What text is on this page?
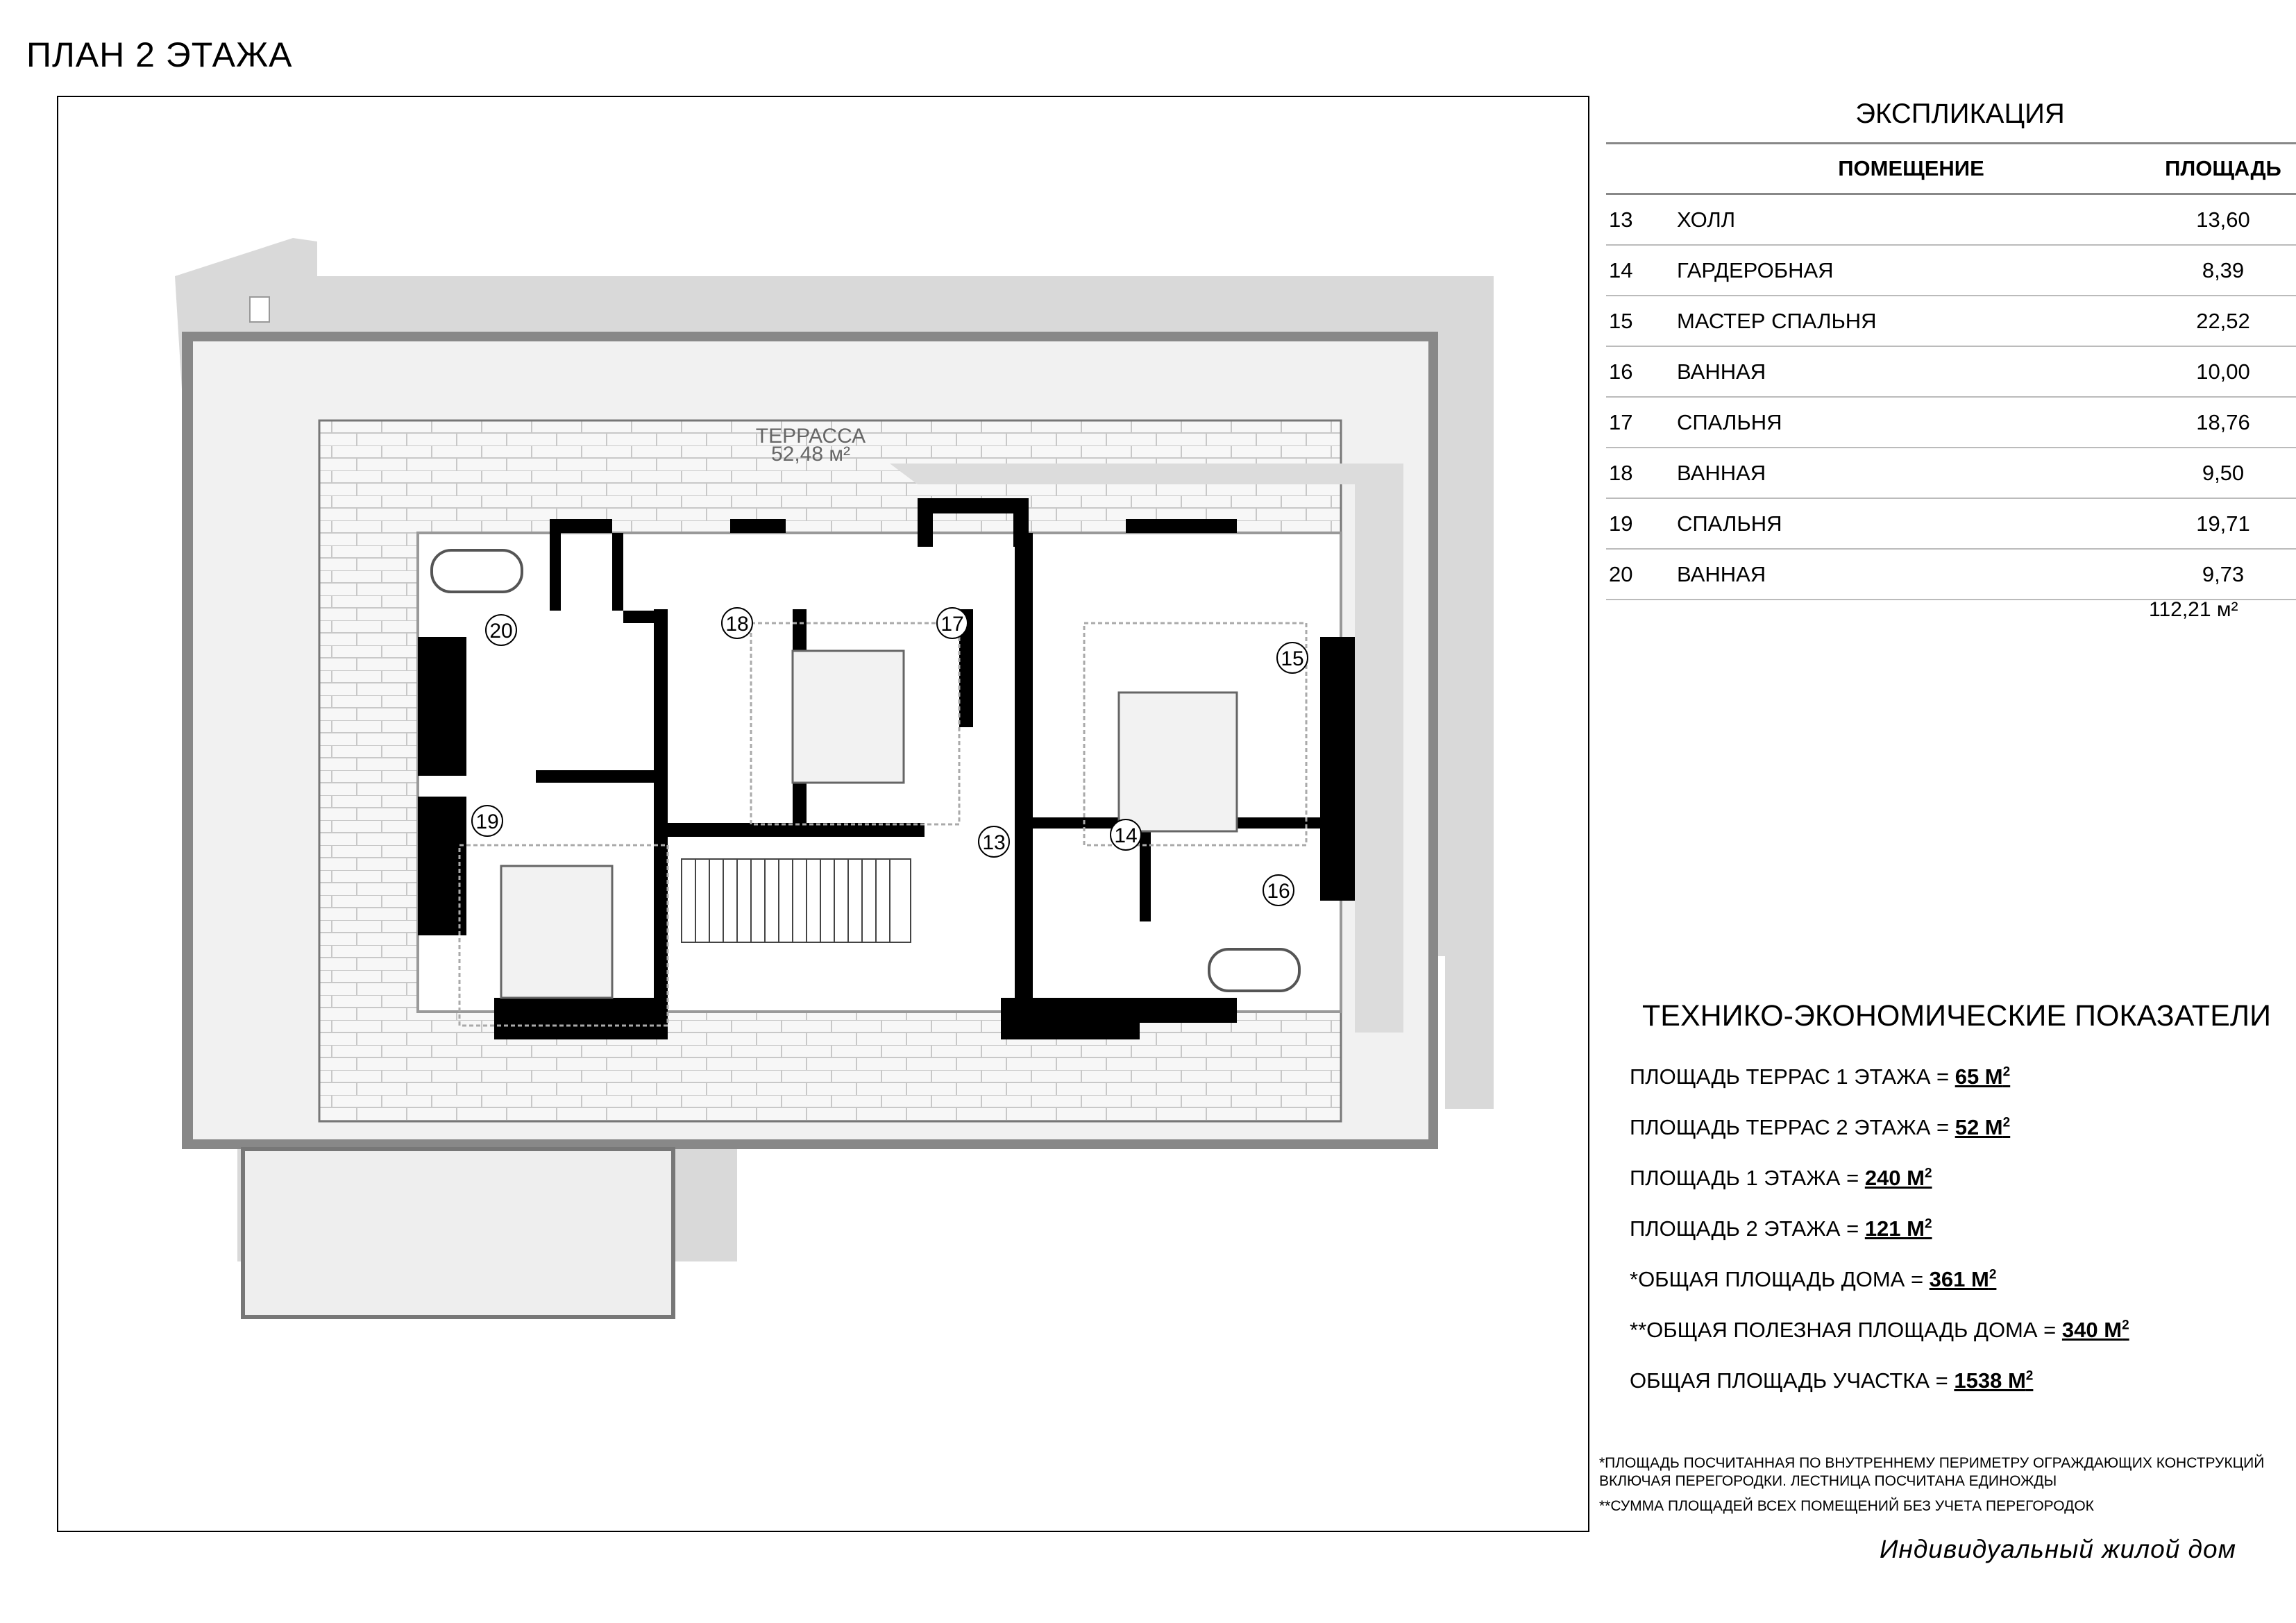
ПЛАН 2 ЭТАЖА
ТЕРРАССА
52,48 м²
20	18	17
15
19
13	14
16
ЭКСПЛИКАЦИЯ
	ПОМЕЩЕНИЕ	ПЛОЩАДЬ
13	ХОЛЛ	13,60
14	ГАРДЕРОБНАЯ	8,39
15	МАСТЕР СПАЛЬНЯ	22,52
16	ВАННАЯ	10,00
17	СПАЛЬНЯ	18,76
18	ВАННАЯ	9,50
19	СПАЛЬНЯ	19,71
20	ВАННАЯ	9,73
112,21 м²
ТЕХНИКО-ЭКОНОМИЧЕСКИЕ ПОКАЗАТЕЛИ
ПЛОЩАДЬ ТЕРРАС 1 ЭТАЖА = 65 $М^2$
ПЛОЩАДЬ ТЕРРАС 2 ЭТАЖА = 52 $М^2$
ПЛОЩАДЬ 1 ЭТАЖА = 240 $М^2$
ПЛОЩАДЬ 2 ЭТАЖА = 121 $М^2$
*ОБЩАЯ ПЛОЩАДЬ ДОМА = 361 $М^2$
**ОБЩАЯ ПОЛЕЗНАЯ ПЛОЩАДЬ ДОМА = 340 $М^2$
ОБЩАЯ ПЛОЩАДЬ УЧАСТКА = 1538 $М^2$
*ПЛОЩАДЬ ПОСЧИТАННАЯ ПО ВНУТРЕННЕМУ ПЕРИМЕТРУ ОГРАЖДАЮЩИХ КОНСТРУКЦИЙ ВКЛЮЧАЯ ПЕРЕГОРОДКИ. ЛЕСТНИЦА ПОСЧИТАНА ЕДИНОЖДЫ
**СУММА ПЛОЩАДЕЙ ВСЕХ ПОМЕЩЕНИЙ БЕЗ УЧЕТА ПЕРЕГОРОДОК
Индивидуальный жилой дом
